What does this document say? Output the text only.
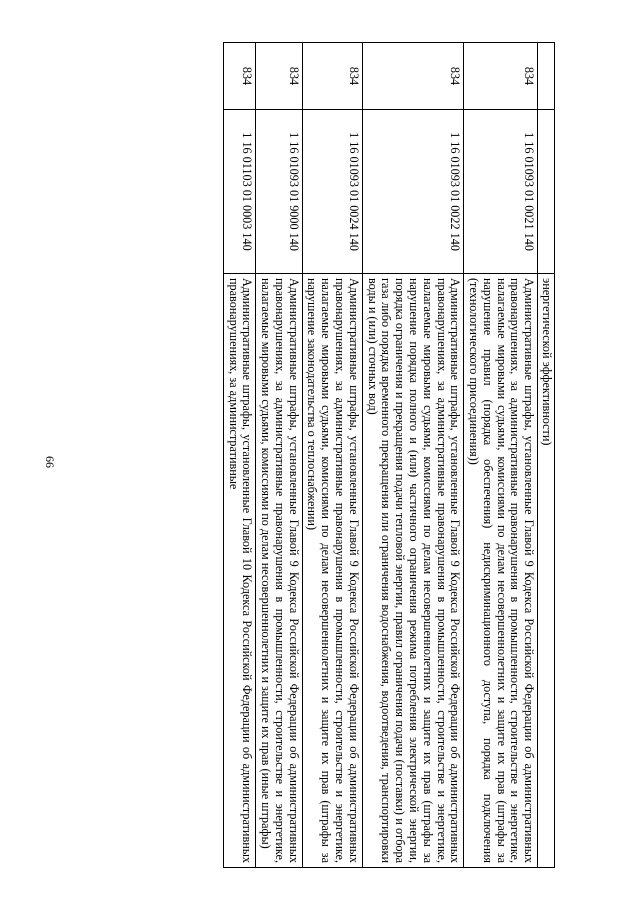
66
		энергетической эффективности)
834	1 16 01093 01 0021 140	Административные штрафы, установленные Главой 9 Кодекса Российской Федерации об административных правонарушениях, за административные правонарушения в промышленности, строительстве и энергетике, налагаемые мировыми судьями, комиссиями по делам несовершеннолетних и защите их прав (штрафы за нарушение правил (порядка обеспечения) недискриминационного доступа, порядка подключения (технологического присоединения))
834	1 16 01093 01 0022 140	Административные штрафы, установленные Главой 9 Кодекса Российской Федерации об административных правонарушениях, за административные правонарушения в промышленности, строительстве и энергетике, налагаемые мировыми судьями, комиссиями по делам несовершеннолетних и защите их прав (штрафы за нарушение порядка полного и (или) частичного ограничения режима потребления электрической энергии, порядка ограничения и прекращения подачи тепловой энергии, правил ограничения подачи (поставки) и отбора газа либо порядка временного прекращения или ограничения водоснабжения, водоотведения, транспортировки воды и (или) сточных вод)
834	1 16 01093 01 0024 140	Административные штрафы, установленные Главой 9 Кодекса Российской Федерации об административных правонарушениях, за административные правонарушения в промышленности, строительстве и энергетике, налагаемые мировыми судьями, комиссиями по делам несовершеннолетних и защите их прав (штрафы за нарушение законодательства о теплоснабжении)
834	1 16 01093 01 9000 140	Административные штрафы, установленные Главой 9 Кодекса Российской Федерации об административных правонарушениях, за административные правонарушения в промышленности, строительстве и энергетике, налагаемые мировыми судьями, комиссиями по делам несовершеннолетних и защите их прав (иные штрафы)
834	1 16 01103 01 0003 140	Административные штрафы, установленные Главой 10 Кодекса Российской Федерации об административных правонарушениях, за административные
